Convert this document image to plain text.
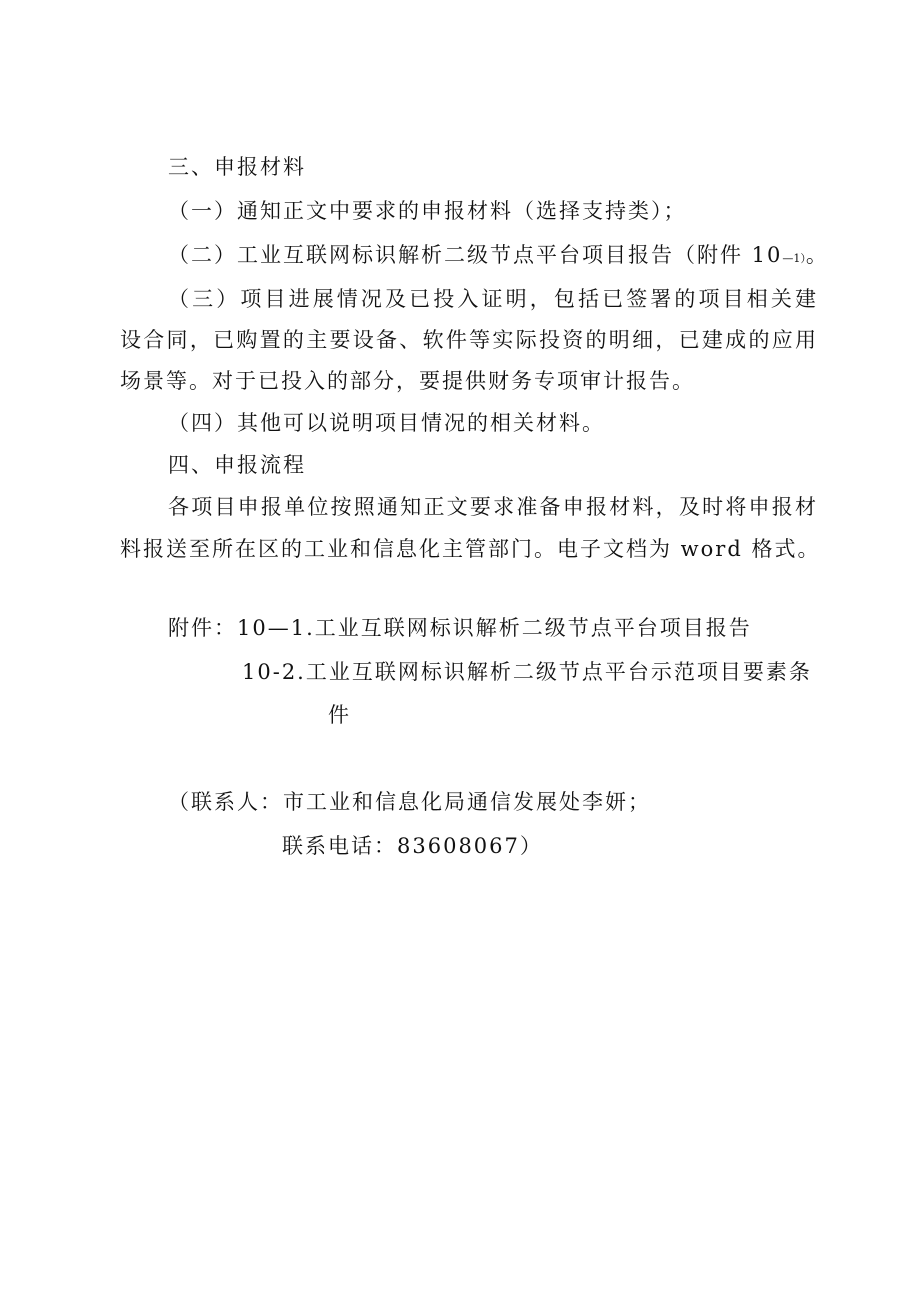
三、申报材料
（一）通知正文中要求的申报材料（选择支持类）；
（二）工业互联网标识解析二级节点平台项目报告（附件 10—1）。
（三）项目进展情况及已投入证明，包括已签署的项目相关建
设合同，已购置的主要设备、软件等实际投资的明细，已建成的应用
场景等。对于已投入的部分，要提供财务专项审计报告。
（四）其他可以说明项目情况的相关材料。
四、申报流程
各项目申报单位按照通知正文要求准备申报材料，及时将申报材
料报送至所在区的工业和信息化主管部门。电子文档为 word 格式。
附件：10—1.工业互联网标识解析二级节点平台项目报告
10-2.工业互联网标识解析二级节点平台示范项目要素条
件
（联系人：市工业和信息化局通信发展处李妍；
联系电话：83608067）
